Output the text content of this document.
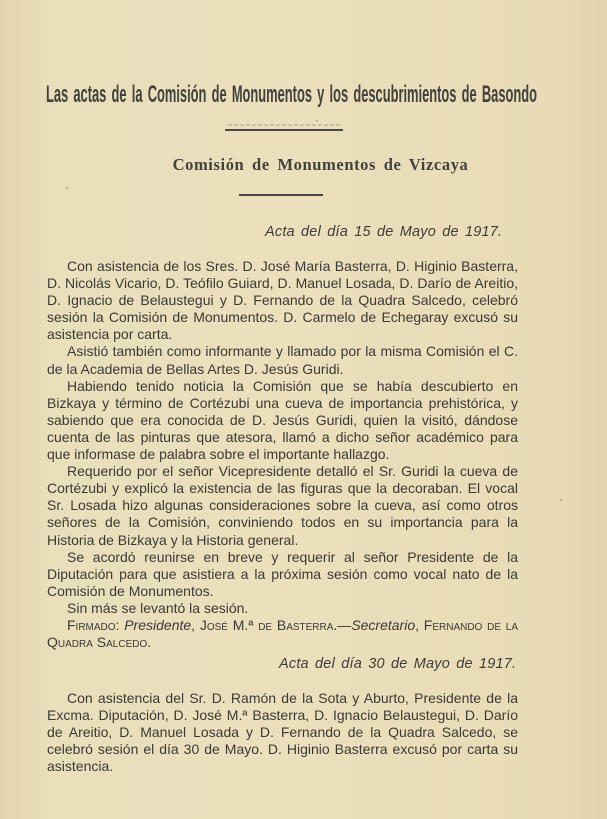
Las actas de la Comisión de Monumentos y los descubrimientos de Basondo
Comisión de Monumentos de Vizcaya
Acta del día 15 de Mayo de 1917.

Con asistencia de los Sres. D. José María Basterra, D. Higinio Basterra, D. Nicolás Vicario, D. Teófilo Guiard, D. Manuel Losada, D. Darío de Areitio, D. Ignacio de Belaustegui y D. Fernando de la Quadra Salcedo, celebró sesión la Comisión de Monumentos. D. Carmelo de Echegaray excusó su asistencia por carta.

Asistió también como informante y llamado por la misma Comisión el C. de la Academia de Bellas Artes D. Jesús Guridi.

Habiendo tenido noticia la Comisión que se había descubierto en Bizkaya y término de Cortézubi una cueva de importancia prehistórica, y sabiendo que era conocida de D. Jesús Guridi, quien la visitó, dándose cuenta de las pinturas que atesora, llamó a dicho señor académico para que informase de palabra sobre el importante hallazgo.

Requerido por el señor Vicepresidente detalló el Sr. Guridi la cueva de Cortézubi y explicó la existencia de las figuras que la decoraban. El vocal Sr. Losada hizo algunas consideraciones sobre la cueva, así como otros señores de la Comisión, conviniendo todos en su importancia para la Historia de Bizkaya y la Historia general.

Se acordó reunirse en breve y requerir al señor Presidente de la Diputación para que asistiera a la próxima sesión como vocal nato de la Comisión de Monumentos.

Sin más se levantó la sesión.

Firmado: Presidente, José M.ª de Basterra.—Secretario, Fernando de la Quadra Salcedo.

Acta del día 30 de Mayo de 1917.

Con asistencia del Sr. D. Ramón de la Sota y Aburto, Presidente de la Excma. Diputación, D. José M.ª Basterra, D. Ignacio Belaustegui, D. Darío de Areitio, D. Manuel Losada y D. Fernando de la Quadra Salcedo, se celebró sesión el día 30 de Mayo. D. Higinio Basterra excusó por carta su asistencia.
